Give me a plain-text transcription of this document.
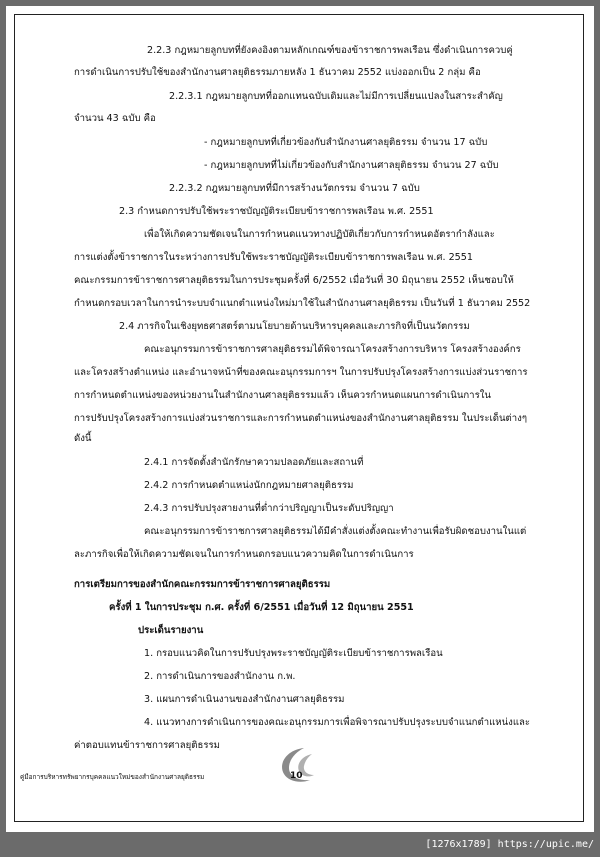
2.2.3 กฎหมายลูกบทที่ยังคงอิงตามหลักเกณฑ์ของข้าราชการพลเรือน ซึ่งดำเนินการควบคู่
การดำเนินการปรับใช้ของสำนักงานศาลยุติธรรมภายหลัง 1 ธันวาคม 2552 แบ่งออกเป็น 2 กลุ่ม คือ
2.2.3.1 กฎหมายลูกบทที่ออกแทนฉบับเดิมและไม่มีการเปลี่ยนแปลงในสาระสำคัญ
จำนวน 43 ฉบับ คือ
- กฎหมายลูกบทที่เกี่ยวข้องกับสำนักงานศาลยุติธรรม จำนวน 17 ฉบับ
- กฎหมายลูกบทที่ไม่เกี่ยวข้องกับสำนักงานศาลยุติธรรม จำนวน 27 ฉบับ
2.2.3.2 กฎหมายลูกบทที่มีการสร้างนวัตกรรม จำนวน 7 ฉบับ
2.3 กำหนดการปรับใช้พระราชบัญญัติระเบียบข้าราชการพลเรือน พ.ศ. 2551
เพื่อให้เกิดความชัดเจนในการกำหนดแนวทางปฏิบัติเกี่ยวกับการกำหนดอัตรากำลังและ
การแต่งตั้งข้าราชการในระหว่างการปรับใช้พระราชบัญญัติระเบียบข้าราชการพลเรือน พ.ศ. 2551
คณะกรรมการข้าราชการศาลยุติธรรมในการประชุมครั้งที่ 6/2552 เมื่อวันที่ 30 มิถุนายน 2552 เห็นชอบให้
กำหนดกรอบเวลาในการนำระบบจำแนกตำแหน่งใหม่มาใช้ในสำนักงานศาลยุติธรรม เป็นวันที่ 1 ธันวาคม 2552
2.4 ภารกิจในเชิงยุทธศาสตร์ตามนโยบายด้านบริหารบุคคลและภารกิจที่เป็นนวัตกรรม
คณะอนุกรรมการข้าราชการศาลยุติธรรมได้พิจารณาโครงสร้างการบริหาร โครงสร้างองค์กร
และโครงสร้างตำแหน่ง และอำนาจหน้าที่ของคณะอนุกรรมการฯ ในการปรับปรุงโครงสร้างการแบ่งส่วนราชการ
การกำหนดตำแหน่งของหน่วยงานในสำนักงานศาลยุติธรรมแล้ว เห็นควรกำหนดแผนการดำเนินการใน
การปรับปรุงโครงสร้างการแบ่งส่วนราชการและการกำหนดตำแหน่งของสำนักงานศาลยุติธรรม ในประเด็นต่างๆ
ดังนี้
2.4.1 การจัดตั้งสำนักรักษาความปลอดภัยและสถานที่
2.4.2 การกำหนดตำแหน่งนักกฎหมายศาลยุติธรรม
2.4.3 การปรับปรุงสายงานที่ต่ำกว่าปริญญาเป็นระดับปริญญา
คณะอนุกรรมการข้าราชการศาลยุติธรรมได้มีคำสั่งแต่งตั้งคณะทำงานเพื่อรับผิดชอบงานในแต่
ละภารกิจเพื่อให้เกิดความชัดเจนในการกำหนดกรอบแนวความคิดในการดำเนินการ
การเตรียมการของสำนักคณะกรรมการข้าราชการศาลยุติธรรม
ครั้งที่ 1 ในการประชุม ก.ศ. ครั้งที่ 6/2551 เมื่อวันที่ 12 มิถุนายน 2551
ประเด็นรายงาน
1. กรอบแนวคิดในการปรับปรุงพระราชบัญญัติระเบียบข้าราชการพลเรือน
2. การดำเนินการของสำนักงาน ก.พ.
3. แผนการดำเนินงานของสำนักงานศาลยุติธรรม
4. แนวทางการดำเนินการของคณะอนุกรรมการเพื่อพิจารณาปรับปรุงระบบจำแนกตำแหน่งและ
ค่าตอบแทนข้าราชการศาลยุติธรรม
คู่มือการบริหารทรัพยากรบุคคลแนวใหม่ของสำนักงานศาลยุติธรรม	10
[1276x1789] https://upic.me/
